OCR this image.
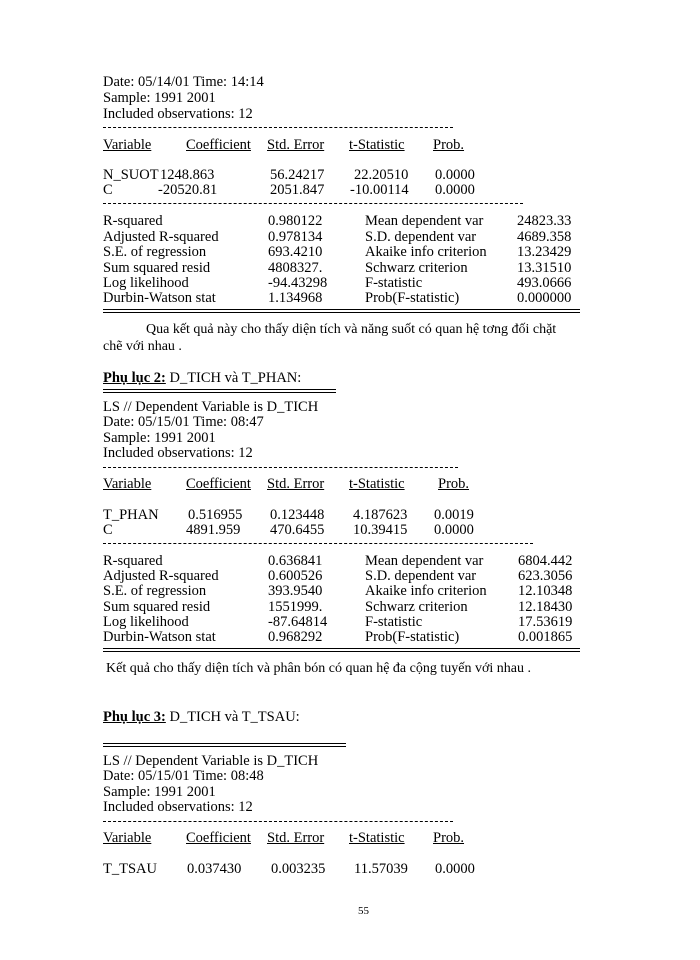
Date: 05/14/01 Time: 14:14
Sample: 1991 2001
Included observations: 12
Variable Coefficient Std. Error t-Statistic Prob.
N_SUOT 1248.863	56.24217 22.20510 0.0000
C	-20520.81	2051.847 -10.00114 0.0000
R-squared	0.980122	Mean dependent var 24823.33
Adjusted R-squared	0.978134	S.D. dependent var	4689.358
S.E. of regression	693.4210	Akaike info criterion 13.23429
Sum squared resid	4808327.	Schwarz criterion	13.31510
Log likelihood	-94.43298	F-statistic	493.0666
Durbin-Watson stat	1.134968	Prob(F-statistic)	0.000000
Qua kết quả này cho thấy diện tích và năng suốt có quan hệ tơng đối chặt
chẽ với nhau .
Phụ lục 2: D_TICH và T_PHAN:
LS // Dependent Variable is D_TICH
Date: 05/15/01 Time: 08:47
Sample: 1991 2001
Included observations: 12
Variable Coefficient Std. Error t-Statistic Prob.
T_PHAN 0.516955 0.123448 4.187623 0.0019
C	4891.959 470.6455 10.39415 0.0000
R-squared	0.636841	Mean dependent var 6804.442
Adjusted R-squared	0.600526	S.D. dependent var	623.3056
S.E. of regression	393.9540	Akaike info criterion 12.10348
Sum squared resid	1551999.	Schwarz criterion	12.18430
Log likelihood	-87.64814	F-statistic	17.53619
Durbin-Watson stat	0.968292	Prob(F-statistic)	0.001865
Kết quả cho thấy diện tích và phân bón có quan hệ đa cộng tuyến với nhau .
Phụ lục 3: D_TICH và T_TSAU:
LS // Dependent Variable is D_TICH
Date: 05/15/01 Time: 08:48
Sample: 1991 2001
Included observations: 12
Variable Coefficient Std. Error t-Statistic Prob.
T_TSAU 0.037430 0.003235 11.57039 0.0000
55
